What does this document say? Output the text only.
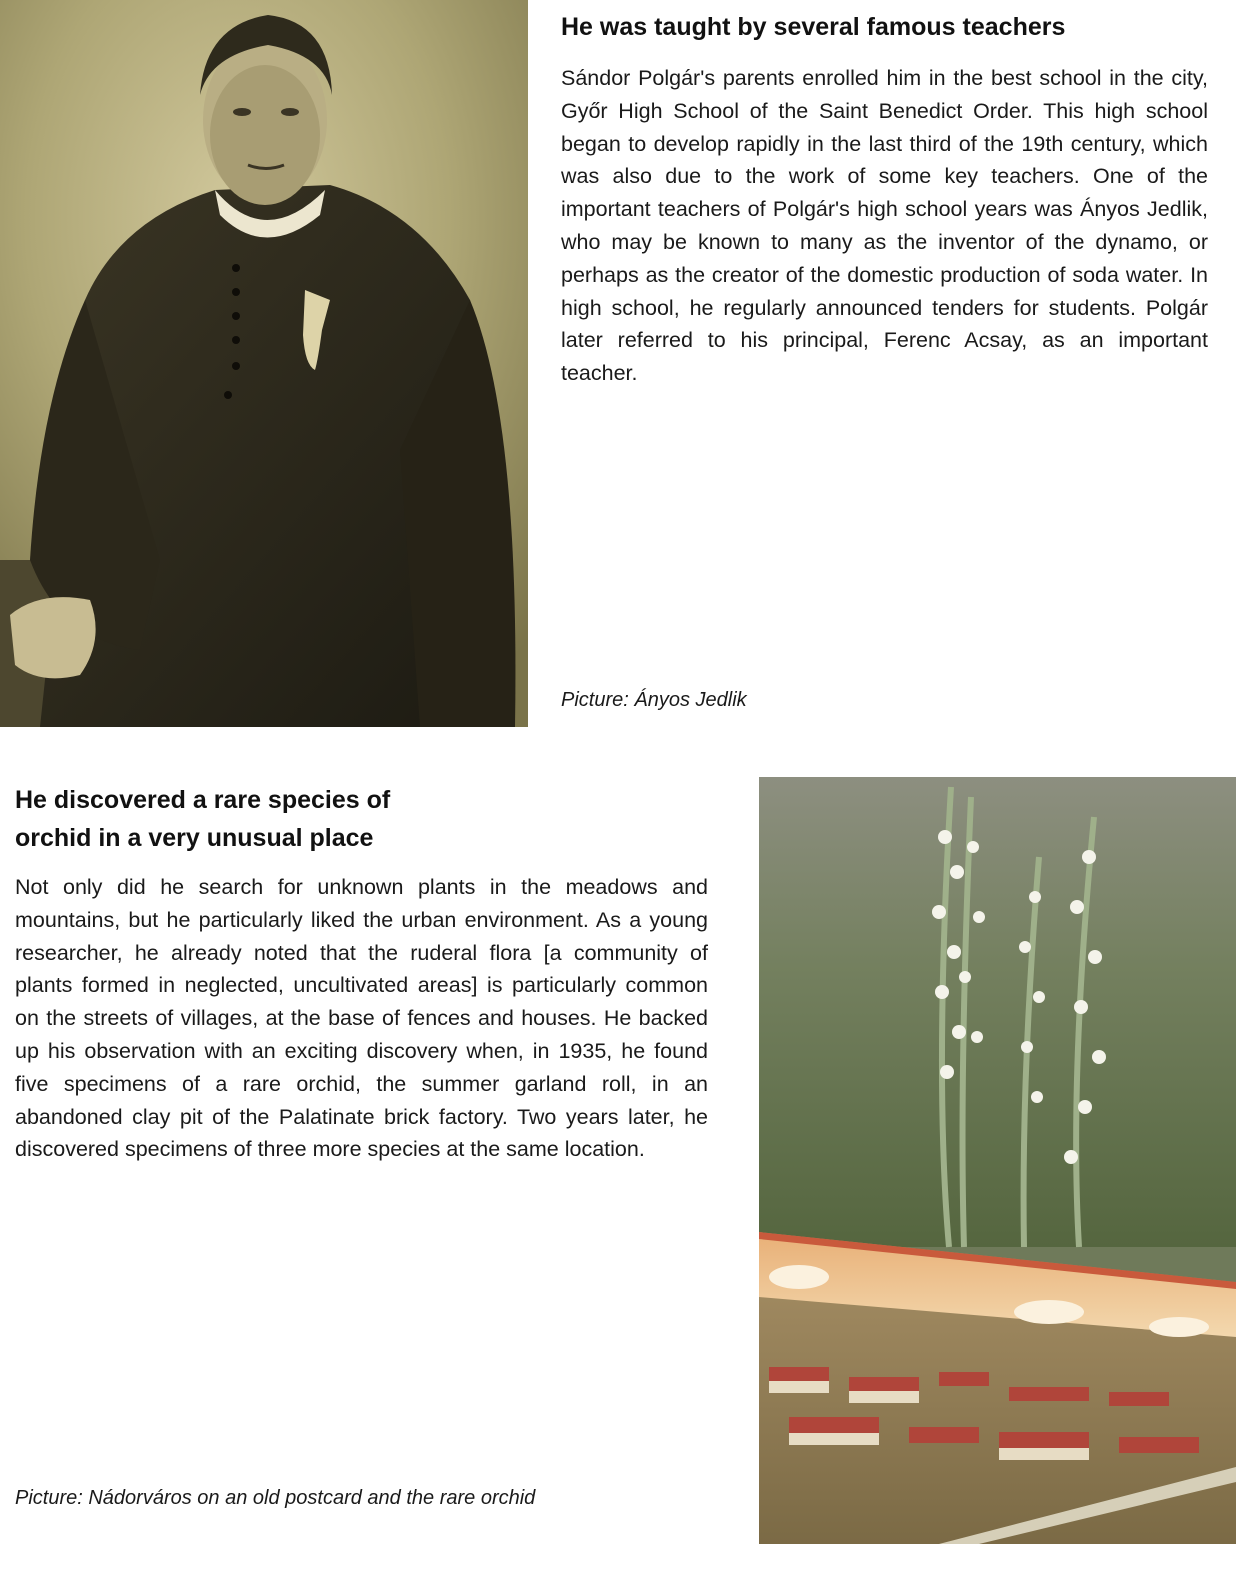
He was taught by several famous teachers

Sándor Polgár's parents enrolled him in the best school in the city, Győr High School of the Saint Benedict Order. This high school began to develop rapidly in the last third of the 19th century, which was also due to the work of some key teachers. One of the important teachers of Polgár's high school years was Ányos Jedlik, who may be known to many as the inventor of the dynamo, or perhaps as the creator of the domestic production of soda water. In high school, he regularly announced tenders for students. Polgár later referred to his principal, Ferenc Acsay, as an important teacher.

Picture: Ányos Jedlik

He discovered a rare species of orchid in a very unusual place

Not only did he search for unknown plants in the meadows and mountains, but he particularly liked the urban environment. As a young researcher, he already noted that the ruderal flora [a community of plants formed in neglected, uncultivated areas] is particularly common on the streets of villages, at the base of fences and houses. He backed up his observation with an exciting discovery when, in 1935, he found five specimens of a rare orchid, the summer garland roll, in an abandoned clay pit of the Palatinate brick factory. Two years later, he discovered specimens of three more species at the same location.

Picture: Nádorváros on an old postcard and the rare orchid
